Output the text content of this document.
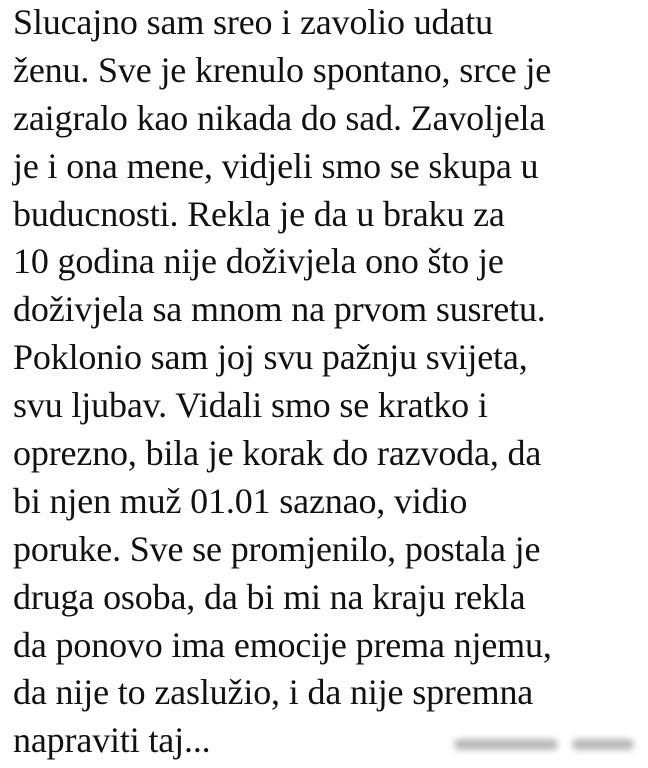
Slucajno sam sreo i zavolio udatu
ženu. Sve je krenulo spontano, srce je
zaigralo kao nikada do sad. Zavoljela
je i ona mene, vidjeli smo se skupa u
buducnosti. Rekla je da u braku za
10 godina nije doživjela ono što je
doživjela sa mnom na prvom susretu.
Poklonio sam joj svu pažnju svijeta,
svu ljubav. Vidali smo se kratko i
oprezno, bila je korak do razvoda, da
bi njen muž 01.01 saznao, vidio
poruke. Sve se promjenilo, postala je
druga osoba, da bi mi na kraju rekla
da ponovo ima emocije prema njemu,
da nije to zaslužio, i da nije spremna
napraviti taj...
